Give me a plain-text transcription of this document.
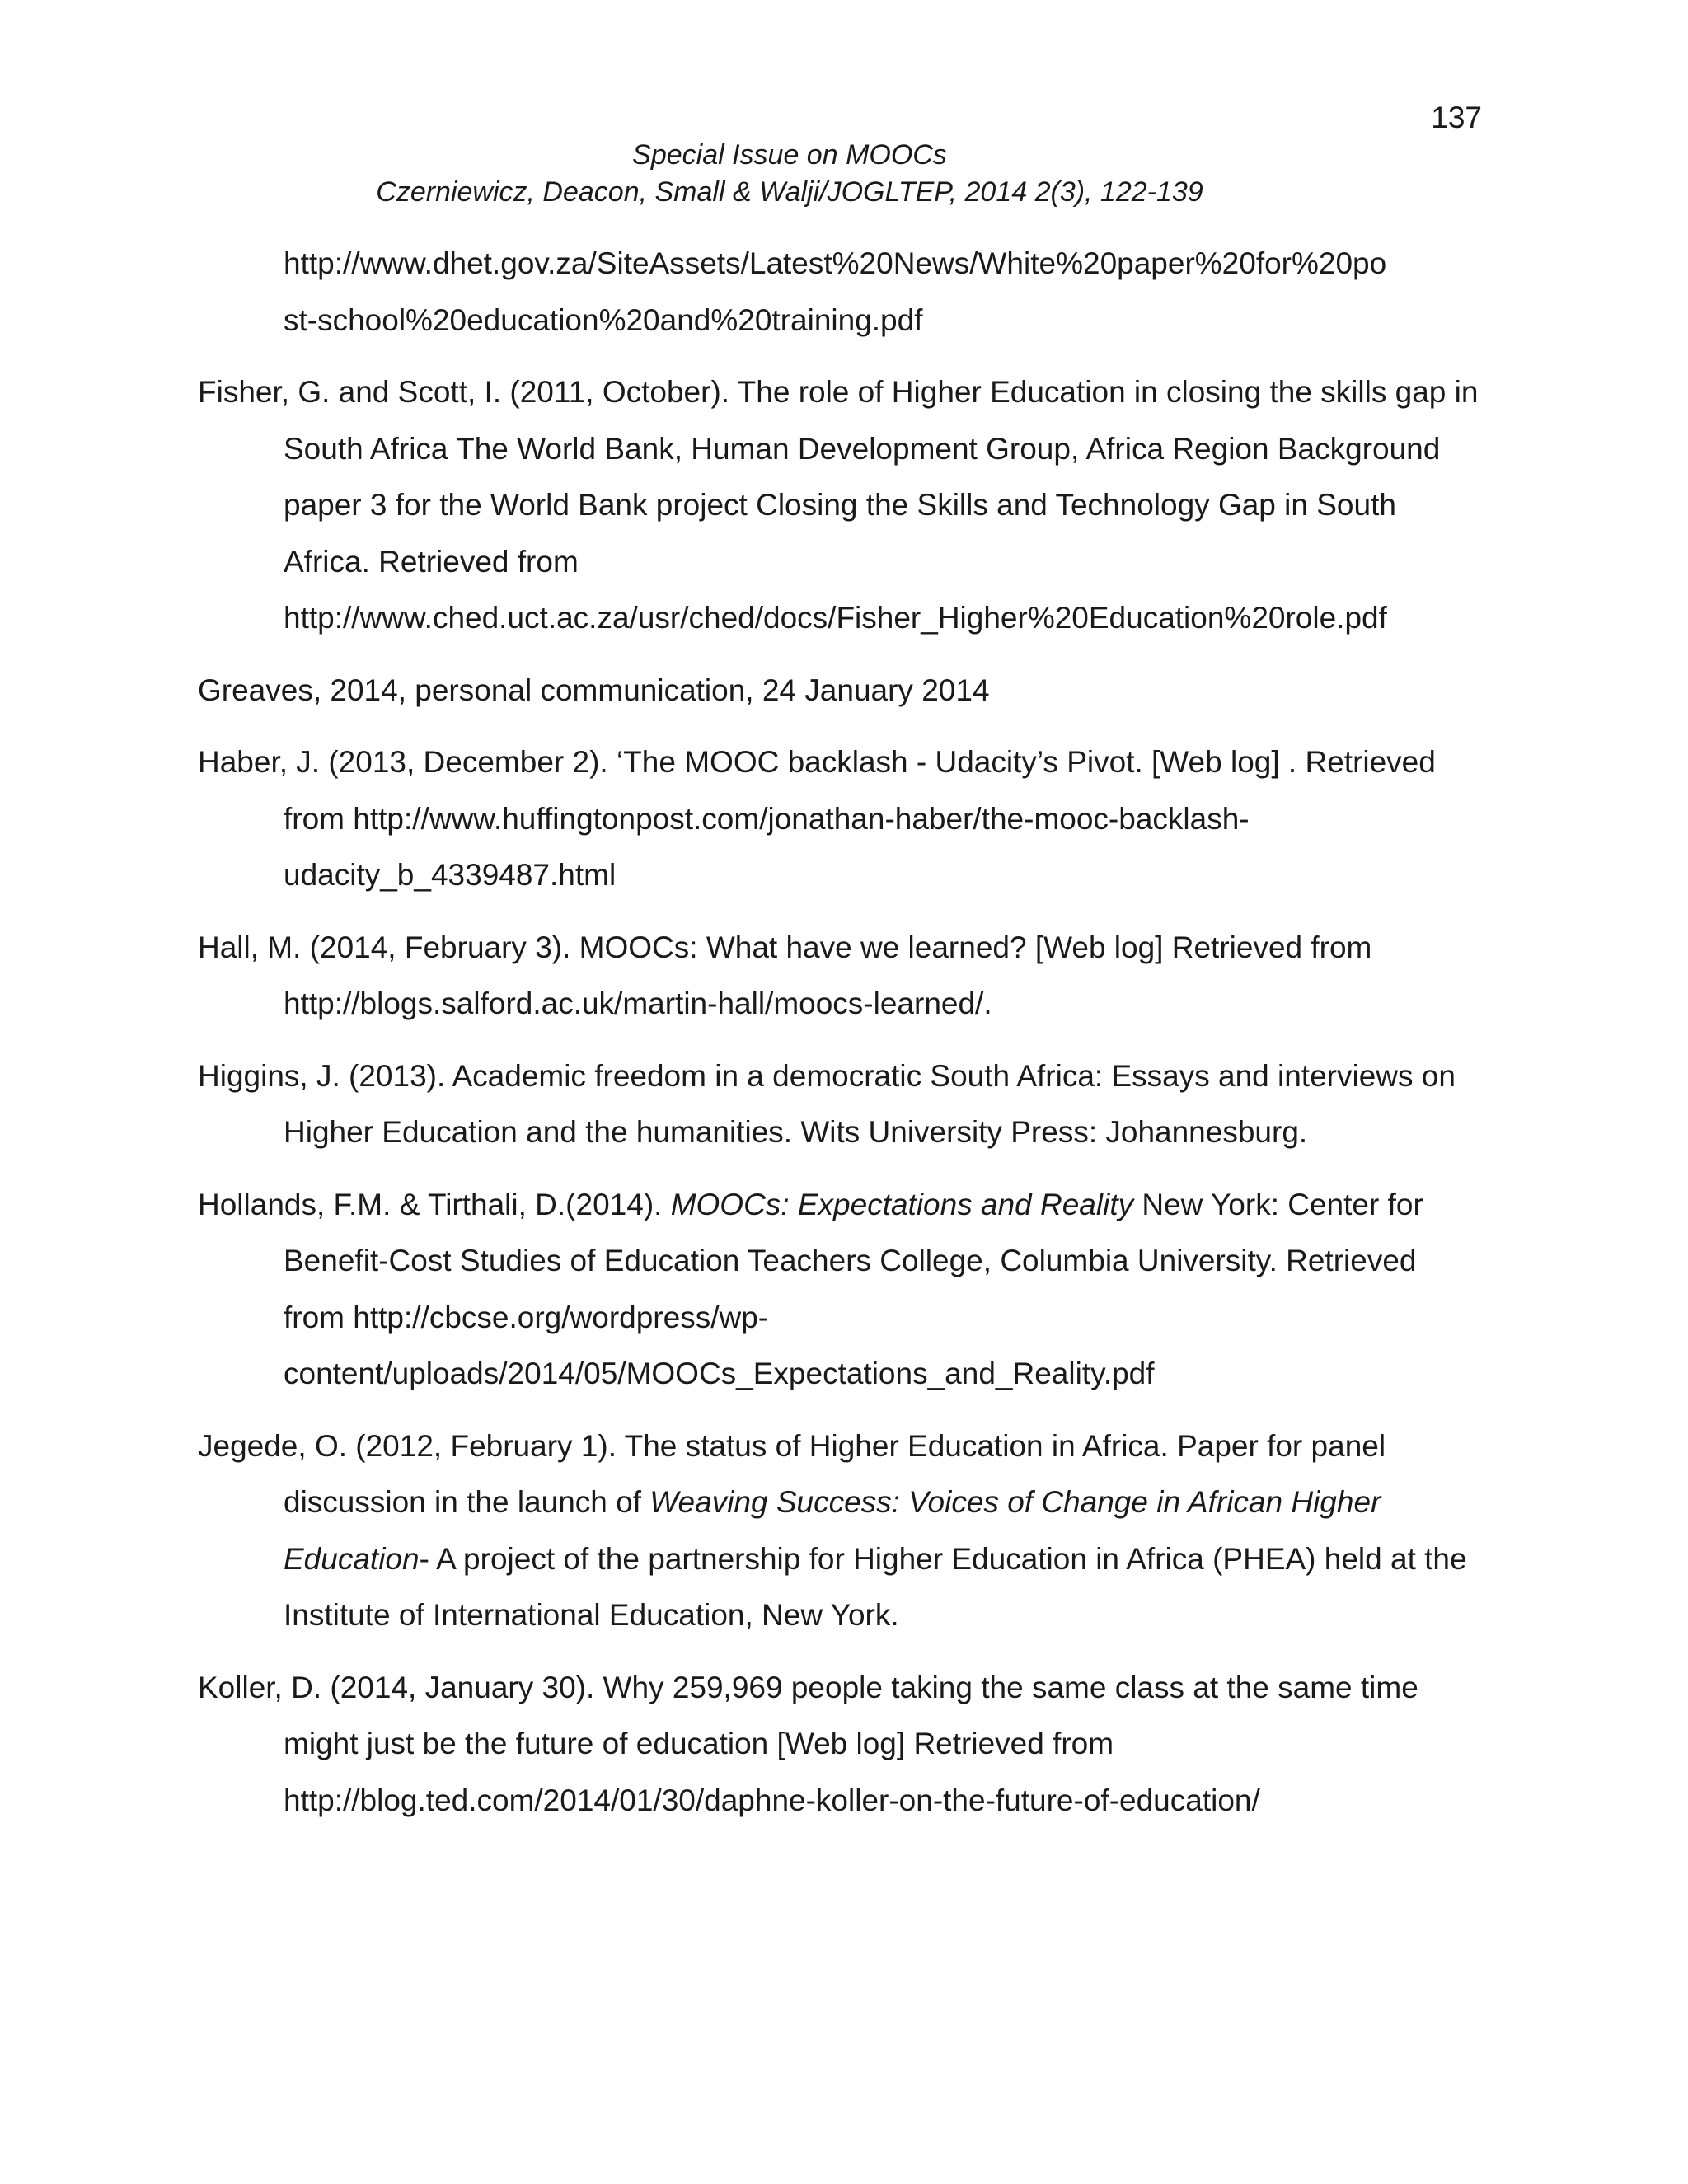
137
Special Issue on MOOCs
Czerniewicz, Deacon, Small & Walji/JOGLTEP, 2014 2(3), 122-139
http://www.dhet.gov.za/SiteAssets/Latest%20News/White%20paper%20for%20po
st-school%20education%20and%20training.pdf
Fisher, G. and Scott, I. (2011, October). The role of Higher Education in closing the skills gap in South Africa The World Bank, Human Development Group, Africa Region Background paper 3 for the World Bank project Closing the Skills and Technology Gap in South Africa. Retrieved from http://www.ched.uct.ac.za/usr/ched/docs/Fisher_Higher%20Education%20role.pdf
Greaves, 2014, personal communication, 24 January 2014
Haber, J. (2013, December 2). ‘The MOOC backlash - Udacity’s Pivot. [Web log] . Retrieved from http://www.huffingtonpost.com/jonathan-haber/the-mooc-backlash-udacity_b_4339487.html
Hall, M. (2014, February 3). MOOCs: What have we learned? [Web log] Retrieved from http://blogs.salford.ac.uk/martin-hall/moocs-learned/.
Higgins, J. (2013). Academic freedom in a democratic South Africa: Essays and interviews on Higher Education and the humanities. Wits University Press: Johannesburg.
Hollands, F.M. & Tirthali, D.(2014). MOOCs: Expectations and Reality New York: Center for Benefit-Cost Studies of Education Teachers College, Columbia University. Retrieved from http://cbcse.org/wordpress/wp-content/uploads/2014/05/MOOCs_Expectations_and_Reality.pdf
Jegede, O. (2012, February 1). The status of Higher Education in Africa. Paper for panel discussion in the launch of Weaving Success: Voices of Change in African Higher Education- A project of the partnership for Higher Education in Africa (PHEA) held at the Institute of International Education, New York.
Koller, D. (2014, January 30). Why 259,969 people taking the same class at the same time might just be the future of education [Web log] Retrieved from http://blog.ted.com/2014/01/30/daphne-koller-on-the-future-of-education/
